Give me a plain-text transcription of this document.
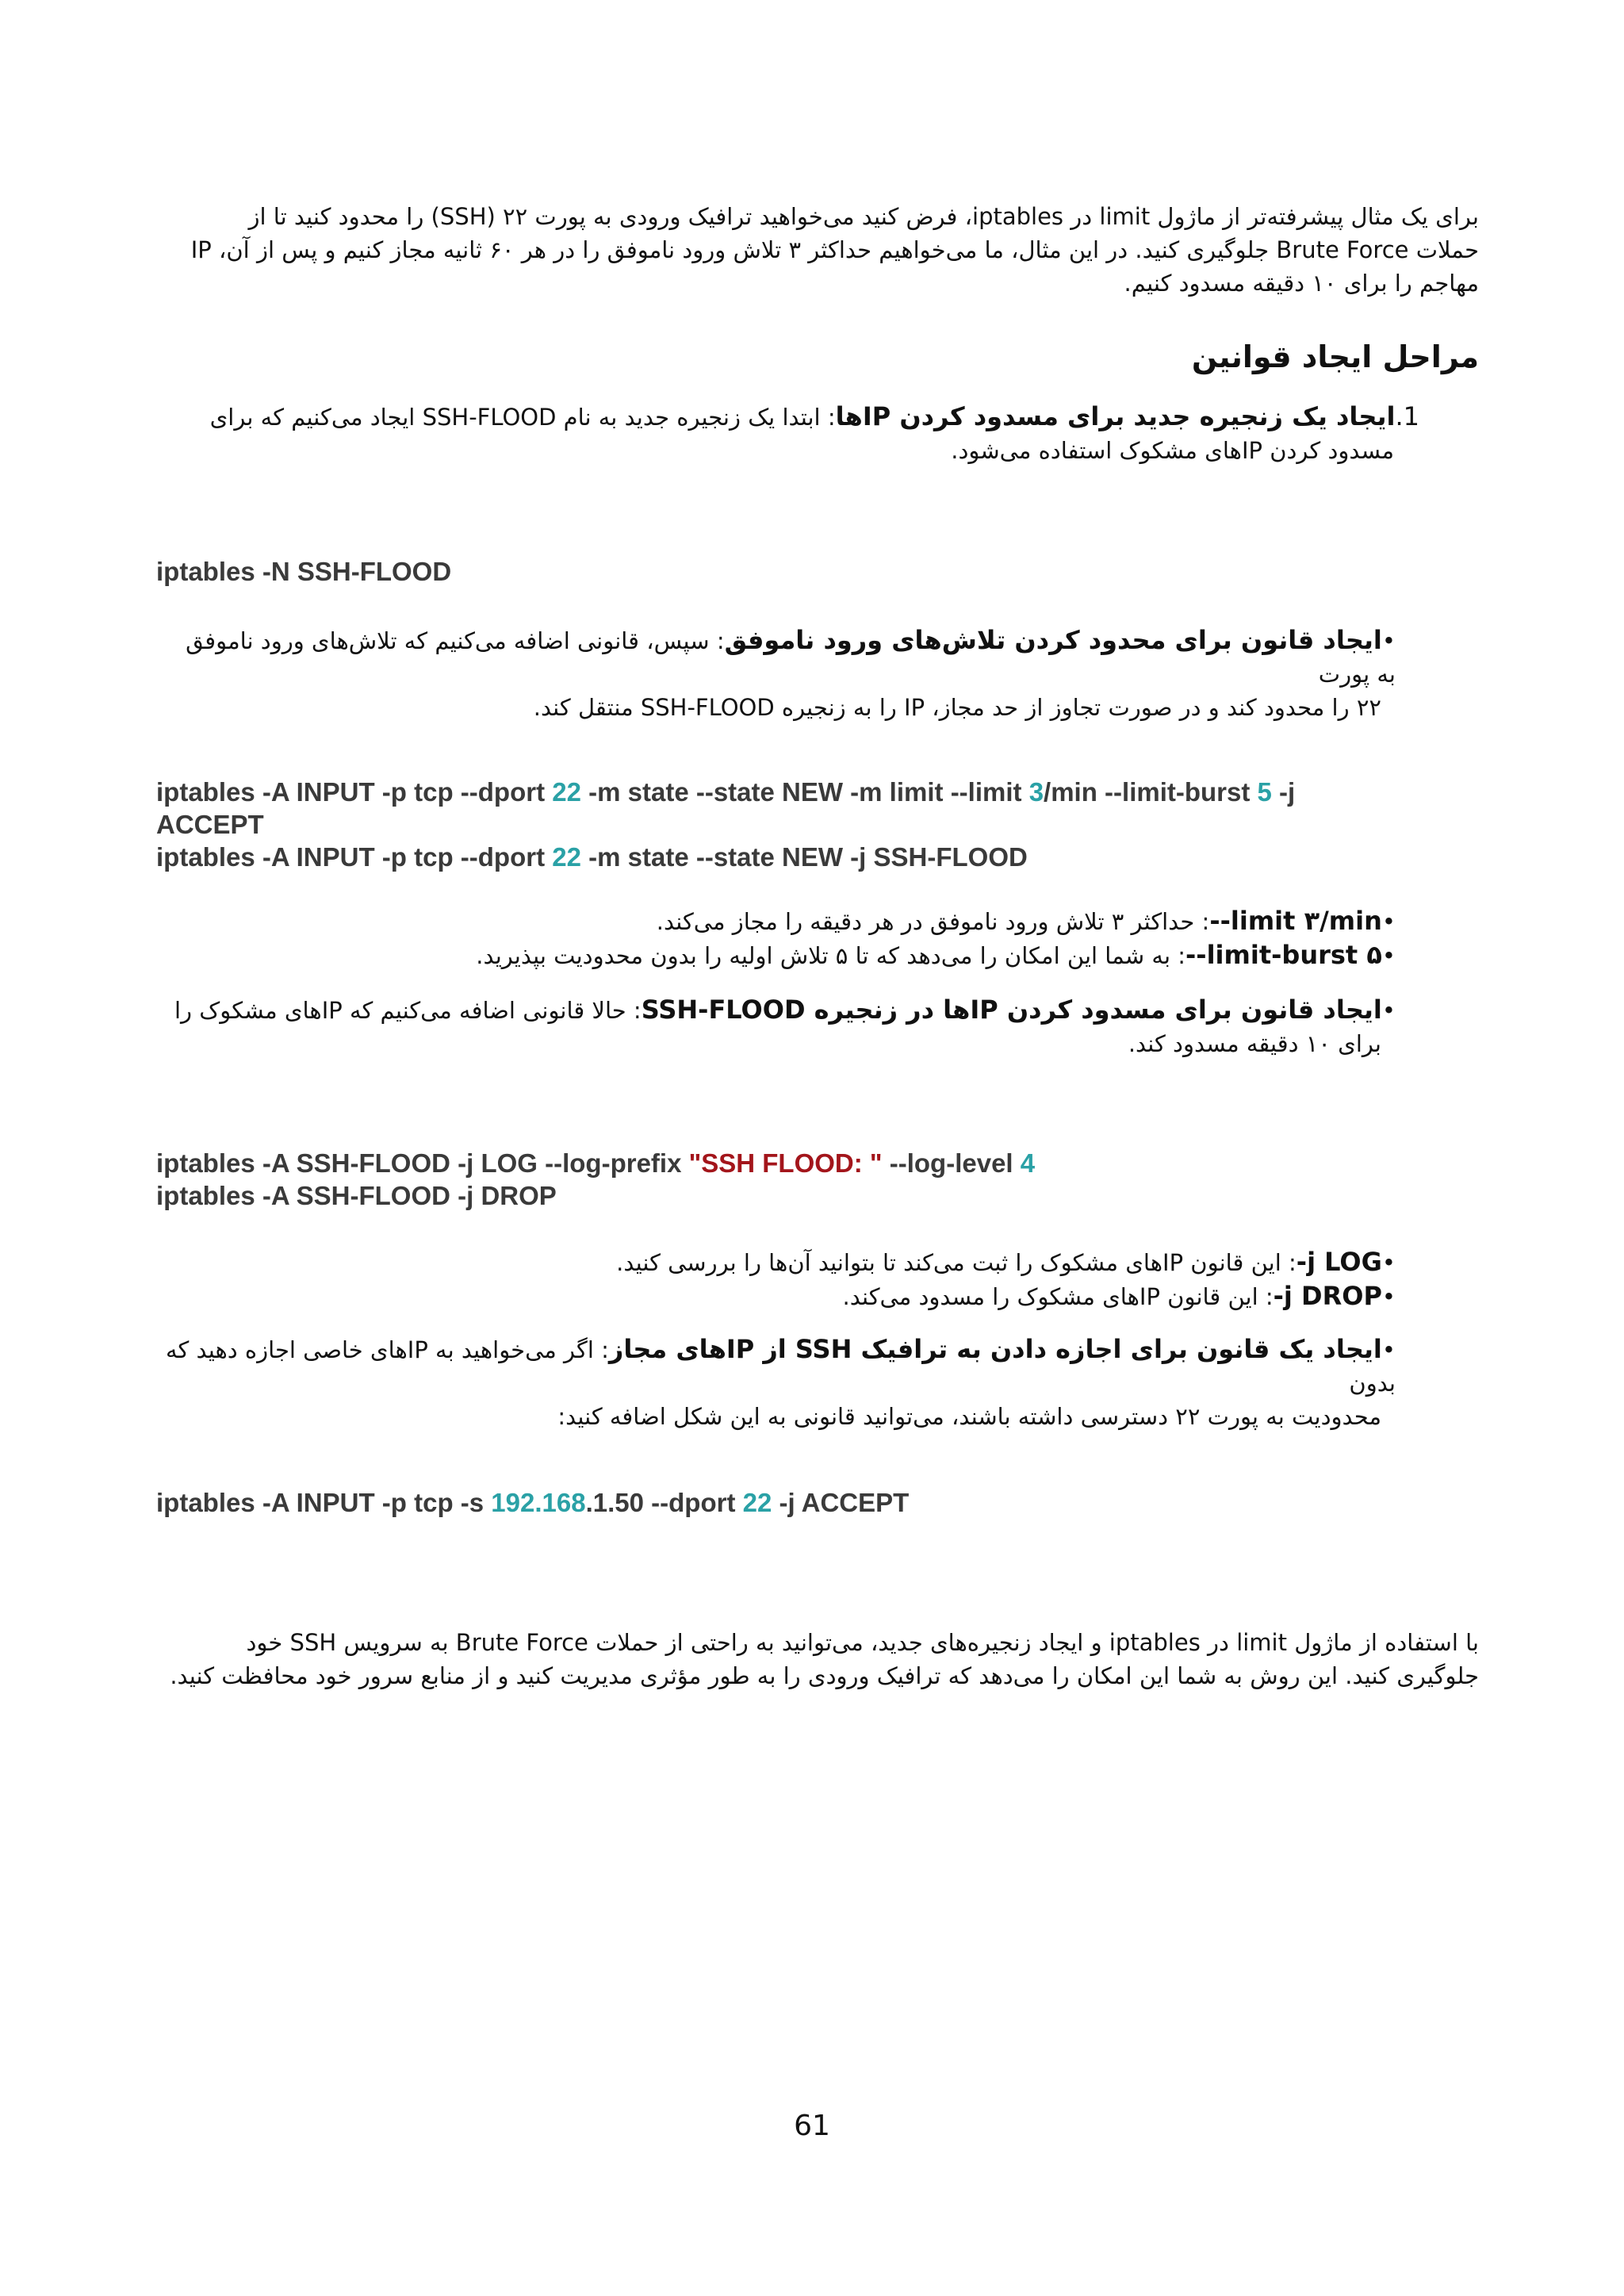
برای یک مثال پیشرفته‌تر از ماژول limit در iptables، فرض کنید می‌خواهید ترافیک ورودی به پورت ۲۲ (SSH) را محدود کنید تا از
حملات Brute Force جلوگیری کنید. در این مثال، ما می‌خواهیم حداکثر ۳ تلاش ورود ناموفق را در هر ۶۰ ثانیه مجاز کنیم و پس از آن، IP
مهاجم را برای ۱۰ دقیقه مسدود کنیم.
مراحل ایجاد قوانین
1.ایجاد یک زنجیره جدید برای مسدود کردن IPها: ابتدا یک زنجیره جدید به نام SSH-FLOOD ایجاد می‌کنیم که برای
مسدود کردن IPهای مشکوک استفاده می‌شود.
iptables -N SSH-FLOOD
•ایجاد قانون برای محدود کردن تلاش‌های ورود ناموفق: سپس، قانونی اضافه می‌کنیم که تلاش‌های ورود ناموفق به پورت
۲۲ را محدود کند و در صورت تجاوز از حد مجاز، IP را به زنجیره SSH-FLOOD منتقل کند.
iptables -A INPUT -p tcp --dport 22 -m state --state NEW -m limit --limit 3/min --limit-burst 5 -j
ACCEPT
iptables -A INPUT -p tcp --dport 22 -m state --state NEW -j SSH-FLOOD
•limit ۳/min--: حداکثر ۳ تلاش ورود ناموفق در هر دقیقه را مجاز می‌کند.
•limit-burst ۵--: به شما این امکان را می‌دهد که تا ۵ تلاش اولیه را بدون محدودیت بپذیرید.
•ایجاد قانون برای مسدود کردن IPها در زنجیره SSH-FLOOD: حالا قانونی اضافه می‌کنیم که IPهای مشکوک را
برای ۱۰ دقیقه مسدود کند.
iptables -A SSH-FLOOD -j LOG --log-prefix "SSH FLOOD: " --log-level 4
iptables -A SSH-FLOOD -j DROP
•j LOG-: این قانون IPهای مشکوک را ثبت می‌کند تا بتوانید آن‌ها را بررسی کنید.
•j DROP-: این قانون IPهای مشکوک را مسدود می‌کند.
•ایجاد یک قانون برای اجازه دادن به ترافیک SSH از IPهای مجاز: اگر می‌خواهید به IPهای خاصی اجازه دهید که بدون
محدودیت به پورت ۲۲ دسترسی داشته باشند، می‌توانید قانونی به این شکل اضافه کنید:
iptables -A INPUT -p tcp -s 192.168.1.50 --dport 22 -j ACCEPT
با استفاده از ماژول limit در iptables و ایجاد زنجیره‌های جدید، می‌توانید به راحتی از حملات Brute Force به سرویس SSH خود
جلوگیری کنید. این روش به شما این امکان را می‌دهد که ترافیک ورودی را به طور مؤثری مدیریت کنید و از منابع سرور خود محافظت کنید.
61
